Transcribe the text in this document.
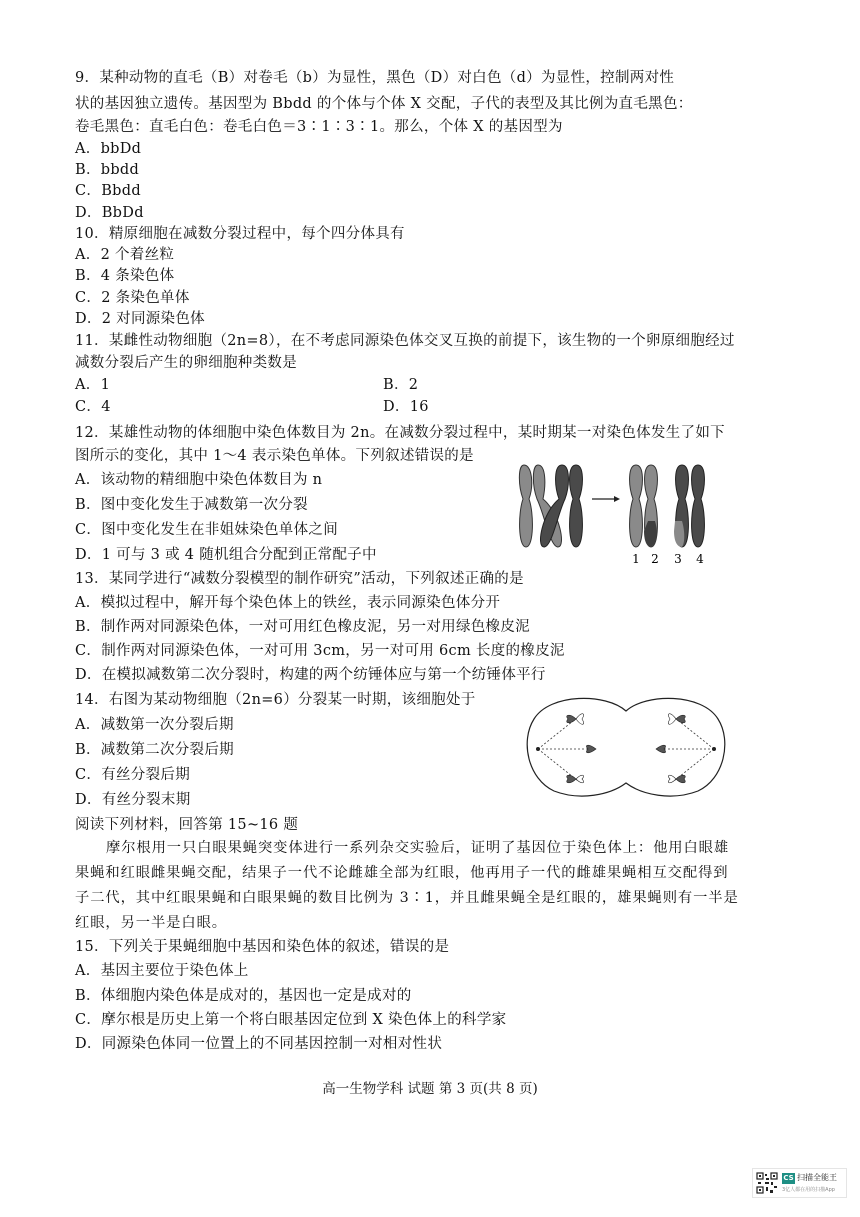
9．某种动物的直毛（B）对卷毛（b）为显性，黑色（D）对白色（d）为显性，控制两对性
状的基因独立遗传。基因型为 Bbdd 的个体与个体 X 交配，子代的表型及其比例为直毛黑色：
卷毛黑色：直毛白色：卷毛白色＝3∶1∶3∶1。那么，个体 X 的基因型为
A．bbDd
B．bbdd
C．Bbdd
D．BbDd
10．精原细胞在减数分裂过程中，每个四分体具有
A．2 个着丝粒
B．4 条染色体
C．2 条染色单体
D．2 对同源染色体
11．某雌性动物细胞（2n=8），在不考虑同源染色体交叉互换的前提下，该生物的一个卵原细胞经过
减数分裂后产生的卵细胞种类数是
A．1	B．2
C．4	D．16
12．某雄性动物的体细胞中染色体数目为 2n。在减数分裂过程中，某时期某一对染色体发生了如下
图所示的变化，其中 1～4 表示染色单体。下列叙述错误的是
A．该动物的精细胞中染色体数目为 n
B．图中变化发生于减数第一次分裂
C．图中变化发生在非姐妹染色单体之间
D．1 可与 3 或 4 随机组合分配到正常配子中	1 2 3 4
13．某同学进行“减数分裂模型的制作研究”活动，下列叙述正确的是
A．模拟过程中，解开每个染色体上的铁丝，表示同源染色体分开
B．制作两对同源染色体，一对可用红色橡皮泥，另一对用绿色橡皮泥
C．制作两对同源染色体，一对可用 3cm，另一对可用 6cm 长度的橡皮泥
D．在模拟减数第二次分裂时，构建的两个纺锤体应与第一个纺锤体平行
14．右图为某动物细胞（2n=6）分裂某一时期，该细胞处于
A．减数第一次分裂后期
B．减数第二次分裂后期
C．有丝分裂后期
D．有丝分裂末期
阅读下列材料，回答第 15~16 题
摩尔根用一只白眼果蝇突变体进行一系列杂交实验后，证明了基因位于染色体上：他用白眼雄
果蝇和红眼雌果蝇交配，结果子一代不论雌雄全部为红眼，他再用子一代的雌雄果蝇相互交配得到
子二代，其中红眼果蝇和白眼果蝇的数目比例为 3∶1，并且雌果蝇全是红眼的，雄果蝇则有一半是
红眼，另一半是白眼。
15．下列关于果蝇细胞中基因和染色体的叙述，错误的是
A．基因主要位于染色体上
B．体细胞内染色体是成对的，基因也一定是成对的
C．摩尔根是历史上第一个将白眼基因定位到 X 染色体上的科学家
D．同源染色体同一位置上的不同基因控制一对相对性状
高一生物学科 试题 第 3 页(共 8 页)
CS 扫描全能王
3亿人都在用的扫描App
